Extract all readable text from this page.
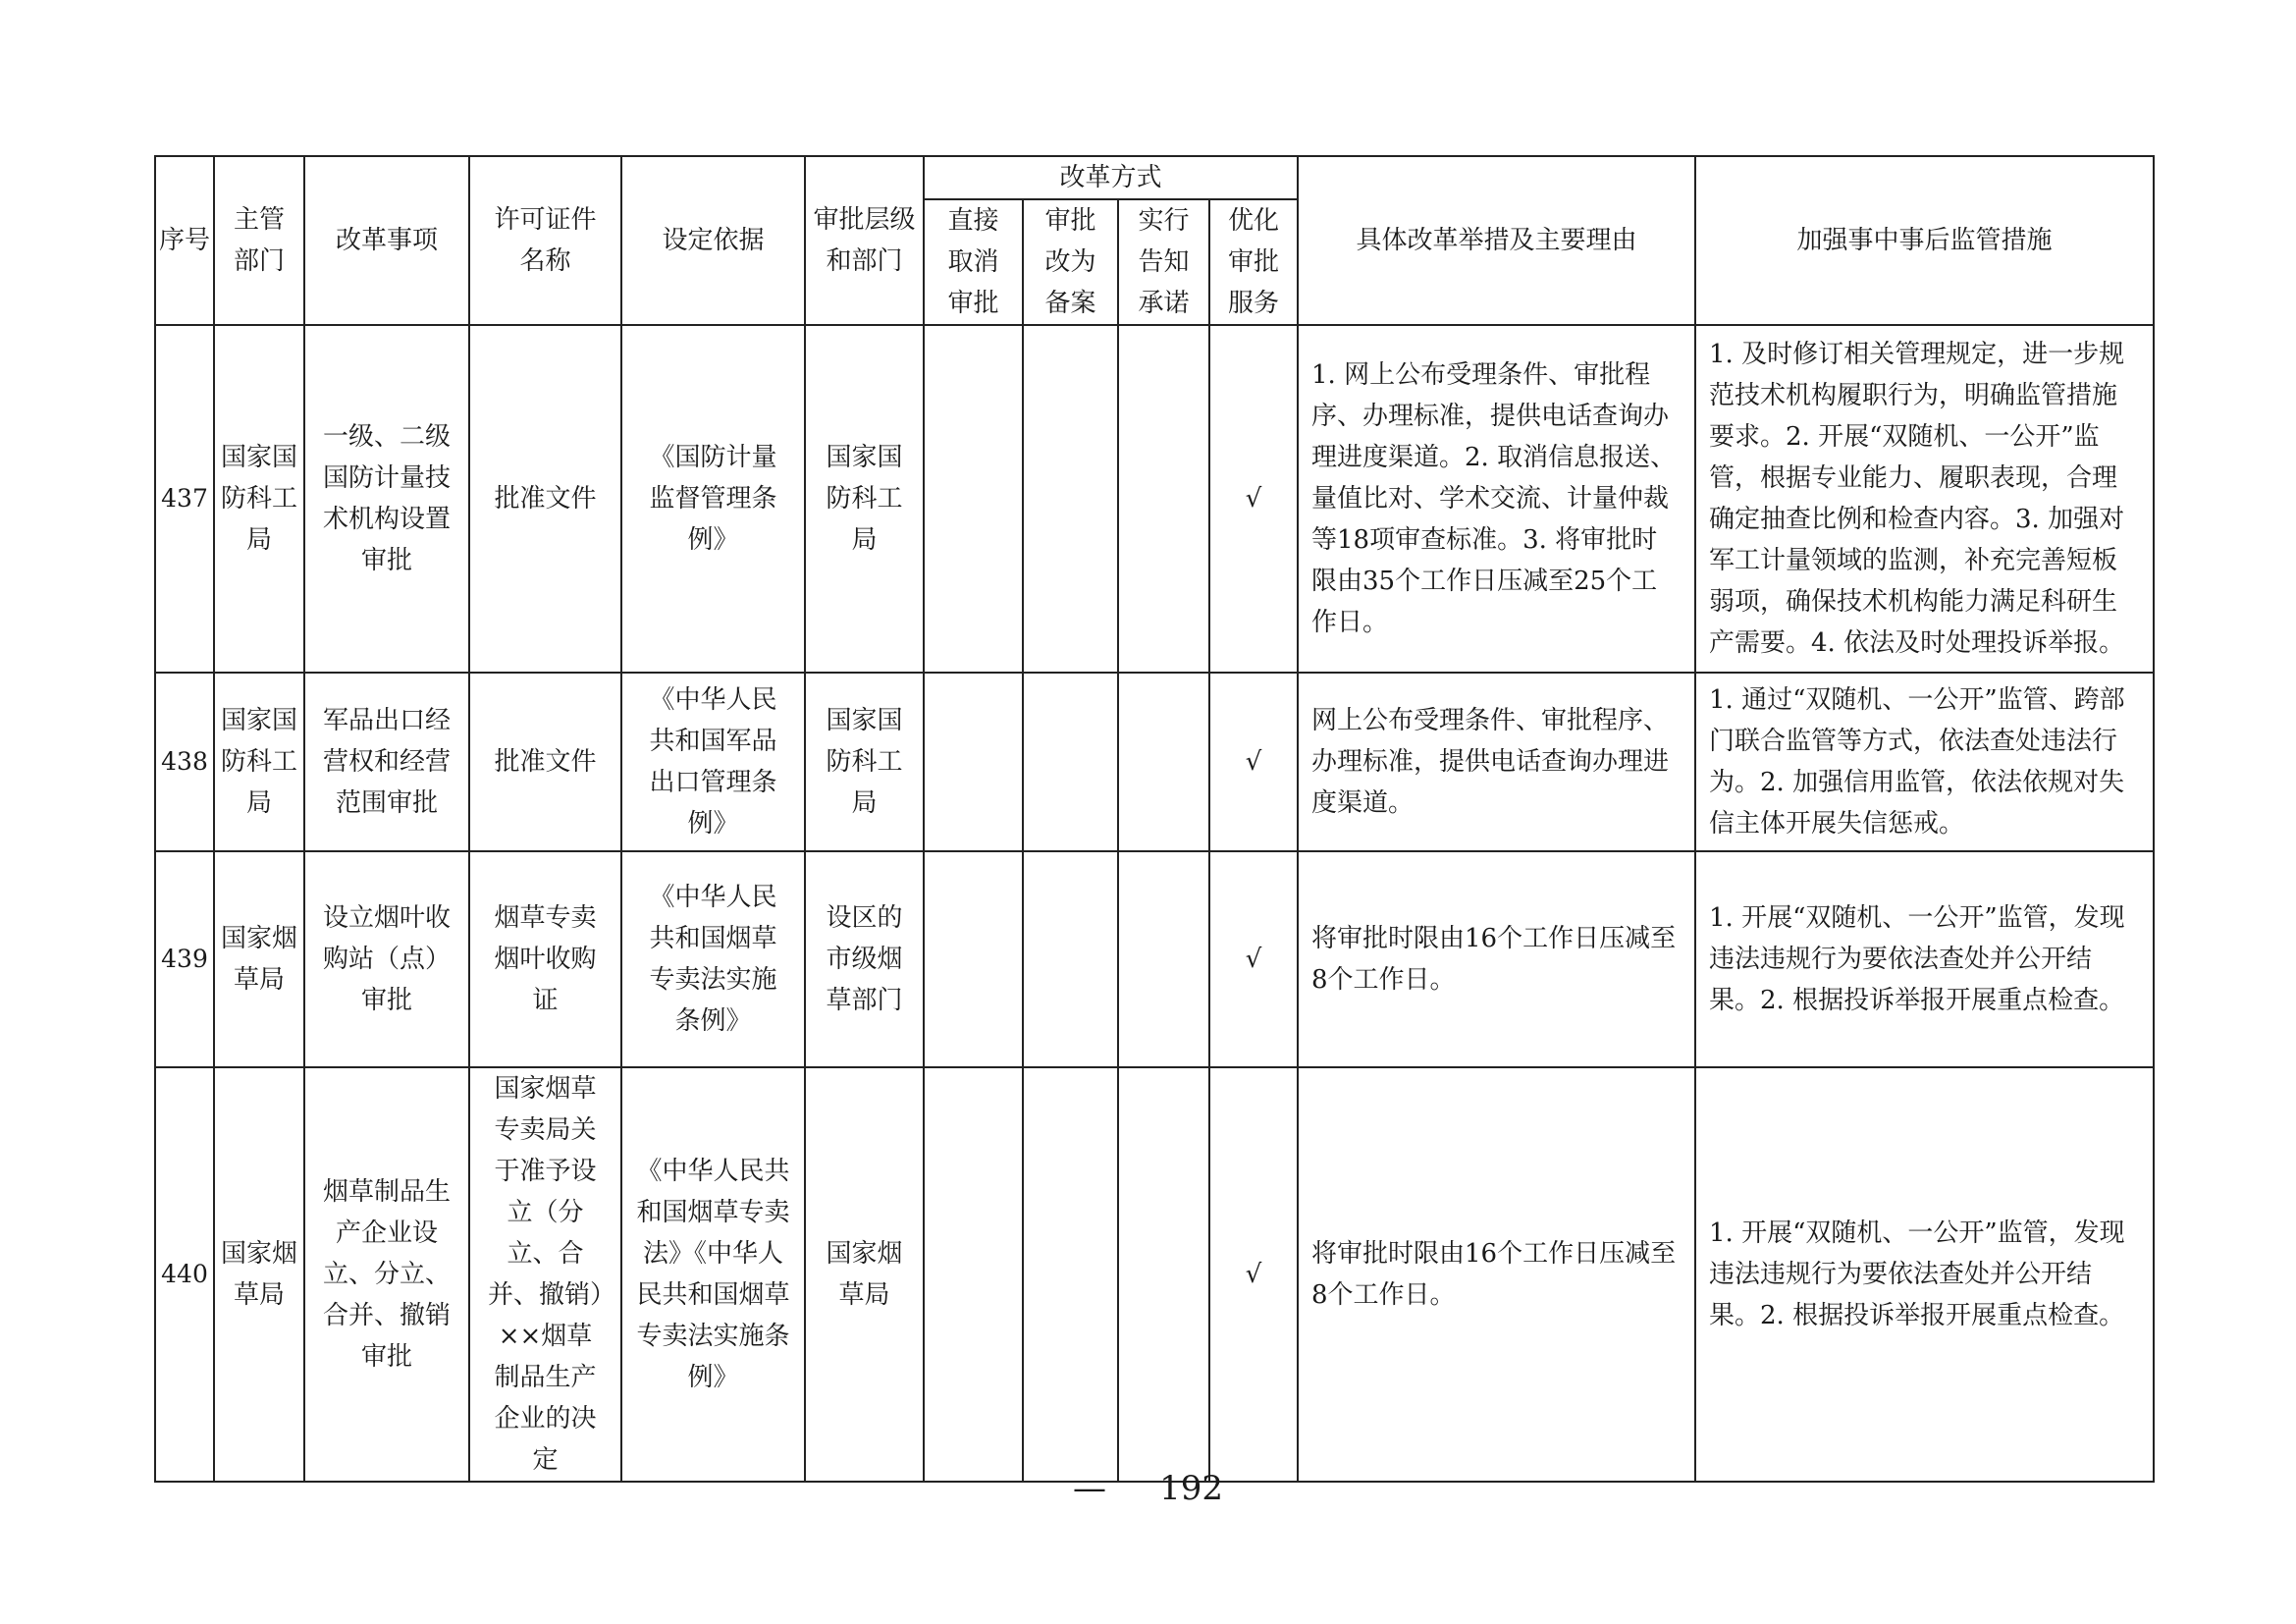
序号	主管部门	改革事项	许可证件名称	设定依据	审批层级和部门	改革方式				具体改革举措及主要理由	加强事中事后监管措施
						直接取消审批	审批改为备案	实行告知承诺	优化审批服务		
437	国家国防科工局	一级、二级国防计量技术机构设置审批	批准文件	《国防计量监督管理条例》	国家国防科工局				√	1. 网上公布受理条件、审批程序、办理标准，提供电话查询办理进度渠道。2. 取消信息报送、量值比对、学术交流、计量仲裁等18项审查标准。3. 将审批时限由35个工作日压减至25个工作日。	1. 及时修订相关管理规定，进一步规范技术机构履职行为，明确监管措施要求。2. 开展“双随机、一公开”监管，根据专业能力、履职表现，合理确定抽查比例和检查内容。3. 加强对军工计量领域的监测，补充完善短板弱项，确保技术机构能力满足科研生产需要。4. 依法及时处理投诉举报。
438	国家国防科工局	军品出口经营权和经营范围审批	批准文件	《中华人民共和国军品出口管理条例》	国家国防科工局				√	网上公布受理条件、审批程序、办理标准，提供电话查询办理进度渠道。	1. 通过“双随机、一公开”监管、跨部门联合监管等方式，依法查处违法行为。2. 加强信用监管，依法依规对失信主体开展失信惩戒。
439	国家烟草局	设立烟叶收购站（点）审批	烟草专卖烟叶收购证	《中华人民共和国烟草专卖法实施条例》	设区的市级烟草部门				√	将审批时限由16个工作日压减至8个工作日。	1. 开展“双随机、一公开”监管，发现违法违规行为要依法查处并公开结果。2. 根据投诉举报开展重点检查。
440	国家烟草局	烟草制品生产企业设立、分立、合并、撤销审批	国家烟草专卖局关于准予设立（分立、合并、撤销）××烟草制品生产企业的决定	《中华人民共和国烟草专卖法》《中华人民共和国烟草专卖法实施条例》	国家烟草局				√	将审批时限由16个工作日压减至8个工作日。	1. 开展“双随机、一公开”监管，发现违法违规行为要依法查处并公开结果。2. 根据投诉举报开展重点检查。
— 192
